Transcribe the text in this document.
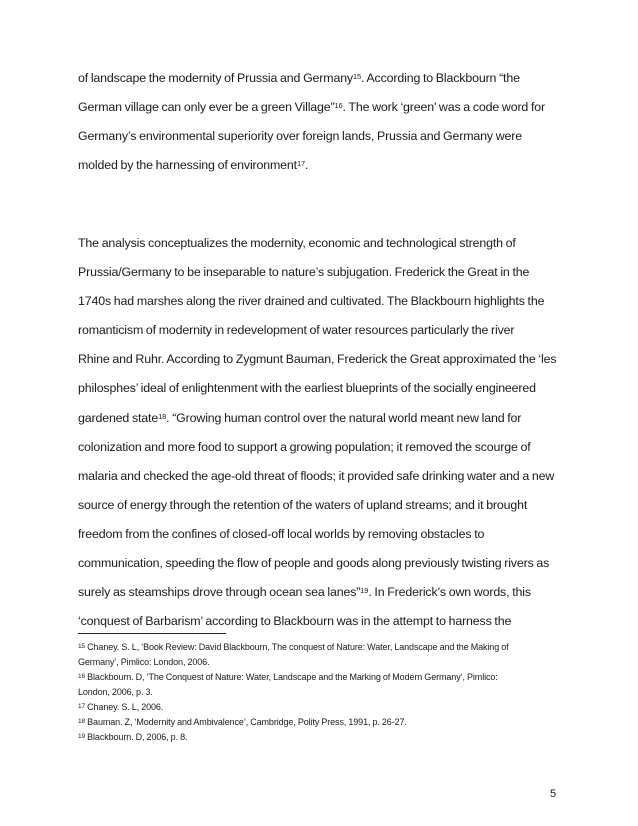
of landscape the modernity of Prussia and Germany$^{15}$. According to Blackbourn “the
German village can only ever be a green Village”$^{16}$. The work ‘green’ was a code word for
Germany’s environmental superiority over foreign lands, Prussia and Germany were
molded by the harnessing of environment$^{17}$.
The analysis conceptualizes the modernity, economic and technological strength of
Prussia/Germany to be inseparable to nature’s subjugation. Frederick the Great in the
1740s had marshes along the river drained and cultivated. The Blackbourn highlights the
romanticism of modernity in redevelopment of water resources particularly the river
Rhine and Ruhr. According to Zygmunt Bauman, Frederick the Great approximated the ‘les
philosphes’ ideal of enlightenment with the earliest blueprints of the socially engineered
gardened state$^{18}$. “Growing human control over the natural world meant new land for
colonization and more food to support a growing population; it removed the scourge of
malaria and checked the age-old threat of floods; it provided safe drinking water and a new
source of energy through the retention of the waters of upland streams; and it brought
freedom from the confines of closed-off local worlds by removing obstacles to
communication, speeding the flow of people and goods along previously twisting rivers as
surely as steamships drove through ocean sea lanes”$^{19}$. In Frederick’s own words, this
‘conquest of Barbarism’ according to Blackbourn was in the attempt to harness the
$^{15}$ Chaney. S. L, ‘Book Review: David Blackbourn, The conquest of Nature: Water, Landscape and the Making of
Germany’, Pimlico: London, 2006.
$^{16}$ Blackbourn. D, ‘The Conquest of Nature: Water, Landscape and the Marking of Modern Germany’, Pimlico:
London, 2006, p. 3.
$^{17}$ Chaney. S. L, 2006.
$^{18}$ Bauman. Z, ‘Modernity and Ambivalence’, Cambridge, Polity Press, 1991, p. 26-27.
$^{19}$ Blackbourn. D, 2006, p. 8.
5
